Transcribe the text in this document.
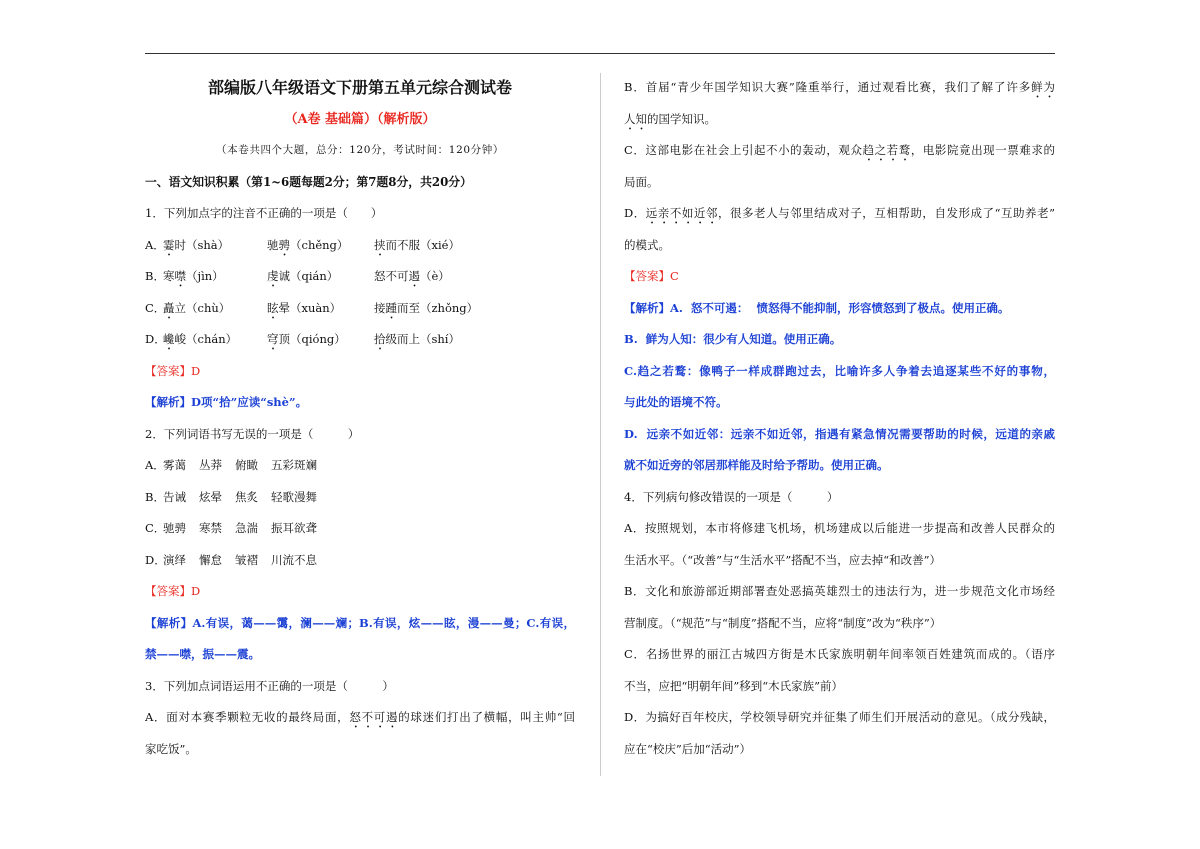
部编版八年级语文下册第五单元综合测试卷
（A卷 基础篇）（解析版）
（本卷共四个大题，总分：120分，考试时间：120分钟）
一、语文知识积累（第1~6题每题2分；第7题8分，共20分）
1．下列加点字的注音不正确的一项是（　　）
A．
霎时（shà）	驰骋（chěng）	挟而不服（xié）
B．
寒噤（jìn）	虔诚（qián）	怒不可遏（è）
C．
矗立（chù）	眩晕（xuàn）	接踵而至（zhǒng）
D．
巉峻（chán）	穹顶（qióng）	拾级而上（shí）
【答案】D
【解析】D项“拾”应读“shè”。
2．下列词语书写无误的一项是（　　　）
A．
雾蔼 丛莽 俯瞰 五彩斑斓
B．
告诫 炫晕 焦炙 轻歌漫舞
C．
驰骋 寒禁 急湍 振耳欲聋
D．
演绎 懈怠 皱褶 川流不息
【答案】D
【解析】A.有误，蔼——霭，澜——斓；B.有误，炫——眩，漫——曼；C.有误，
禁——噤，振——震。
3．下列加点词语运用不正确的一项是（　　　）
A．面对本赛季颗粒无收的最终局面，怒不可遏的球迷们打出了横幅，叫主帅“回
家吃饭”。
B．首届“青少年国学知识大赛”隆重举行，通过观看比赛，我们了解了许多鲜为
人知的国学知识。
C．这部电影在社会上引起不小的轰动，观众趋之若鹜，电影院竟出现一票难求的
局面。
D．远亲不如近邻，很多老人与邻里结成对子，互相帮助，自发形成了“互助养老”
的模式。
【答案】C
【解析】A.  怒不可遏：  愤怒得不能抑制，形容愤怒到了极点。使用正确。
B.  鲜为人知：很少有人知道。使用正确。
C.趋之若鹜：像鸭子一样成群跑过去，比喻许多人争着去追逐某些不好的事物，
与此处的语境不符。
D.  远亲不如近邻：远亲不如近邻，指遇有紧急情况需要帮助的时候，远道的亲戚
就不如近旁的邻居那样能及时给予帮助。使用正确。
4．下列病句修改错误的一项是（　　　）
A．按照规划，本市将修建飞机场，机场建成以后能进一步提高和改善人民群众的
生活水平。（“改善”与“生活水平”搭配不当，应去掉“和改善”）
B．文化和旅游部近期部署查处恶搞英雄烈士的违法行为，进一步规范文化市场经
营制度。（“规范”与“制度”搭配不当，应将“制度”改为“秩序”）
C．名扬世界的丽江古城四方街是木氏家族明朝年间率领百姓建筑而成的。（语序
不当，应把“明朝年间”移到“木氏家族”前）
D．为搞好百年校庆，学校领导研究并征集了师生们开展活动的意见。（成分残缺，
应在“校庆”后加“活动”）
